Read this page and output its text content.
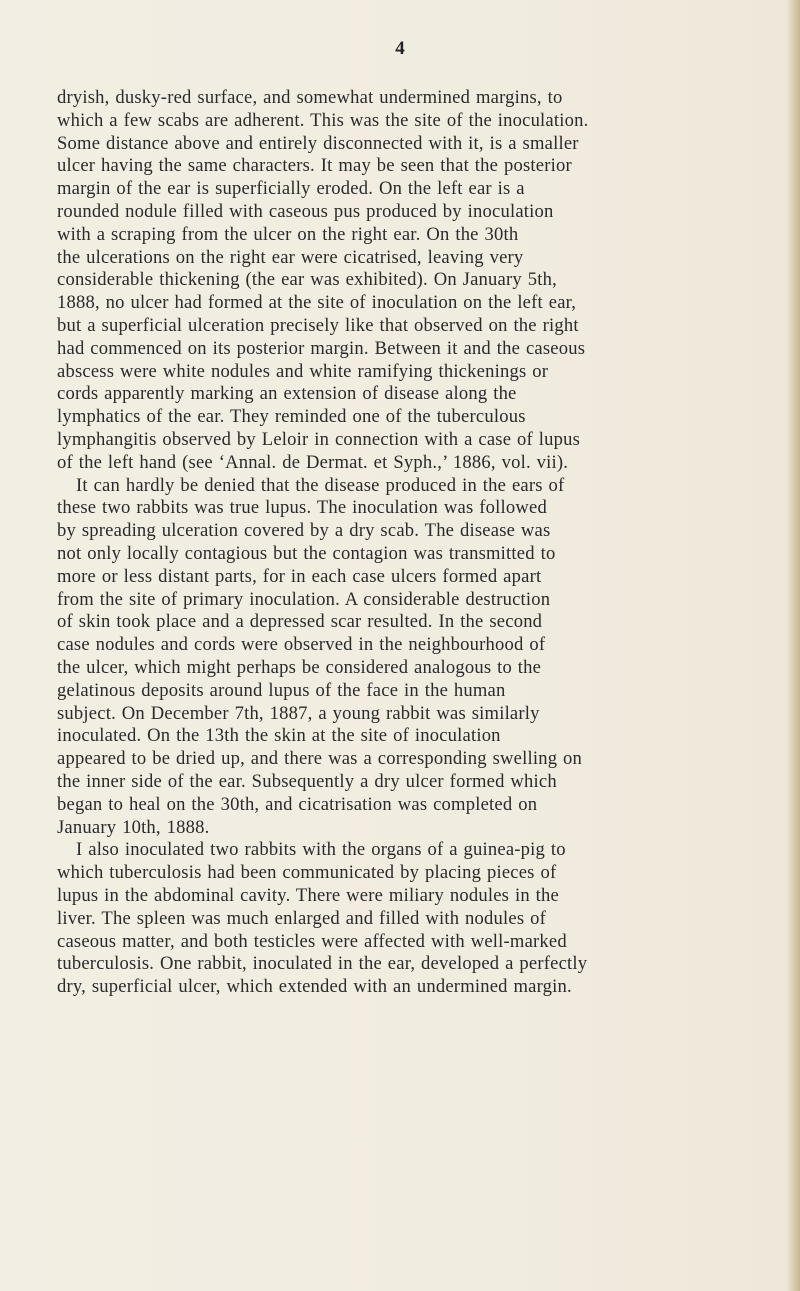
4
dryish, dusky-red surface, and somewhat undermined margins, to
which a few scabs are adherent. This was the site of the inoculation.
Some distance above and entirely disconnected with it, is a smaller
ulcer having the same characters. It may be seen that the posterior
margin of the ear is superficially eroded. On the left ear is a
rounded nodule filled with caseous pus produced by inoculation
with a scraping from the ulcer on the right ear. On the 30th
the ulcerations on the right ear were cicatrised, leaving very
considerable thickening (the ear was exhibited). On January 5th,
1888, no ulcer had formed at the site of inoculation on the left ear,
but a superficial ulceration precisely like that observed on the right
had commenced on its posterior margin. Between it and the caseous
abscess were white nodules and white ramifying thickenings or
cords apparently marking an extension of disease along the
lymphatics of the ear. They reminded one of the tuberculous
lymphangitis observed by Leloir in connection with a case of lupus
of the left hand (see ‘Annal. de Dermat. et Syph.,’ 1886, vol. vii).
It can hardly be denied that the disease produced in the ears of
these two rabbits was true lupus. The inoculation was followed
by spreading ulceration covered by a dry scab. The disease was
not only locally contagious but the contagion was transmitted to
more or less distant parts, for in each case ulcers formed apart
from the site of primary inoculation. A considerable destruction
of skin took place and a depressed scar resulted. In the second
case nodules and cords were observed in the neighbourhood of
the ulcer, which might perhaps be considered analogous to the
gelatinous deposits around lupus of the face in the human
subject. On December 7th, 1887, a young rabbit was similarly
inoculated. On the 13th the skin at the site of inoculation
appeared to be dried up, and there was a corresponding swelling on
the inner side of the ear. Subsequently a dry ulcer formed which
began to heal on the 30th, and cicatrisation was completed on
January 10th, 1888.
I also inoculated two rabbits with the organs of a guinea-pig to
which tuberculosis had been communicated by placing pieces of
lupus in the abdominal cavity. There were miliary nodules in the
liver. The spleen was much enlarged and filled with nodules of
caseous matter, and both testicles were affected with well-marked
tuberculosis. One rabbit, inoculated in the ear, developed a perfectly
dry, superficial ulcer, which extended with an undermined margin.
